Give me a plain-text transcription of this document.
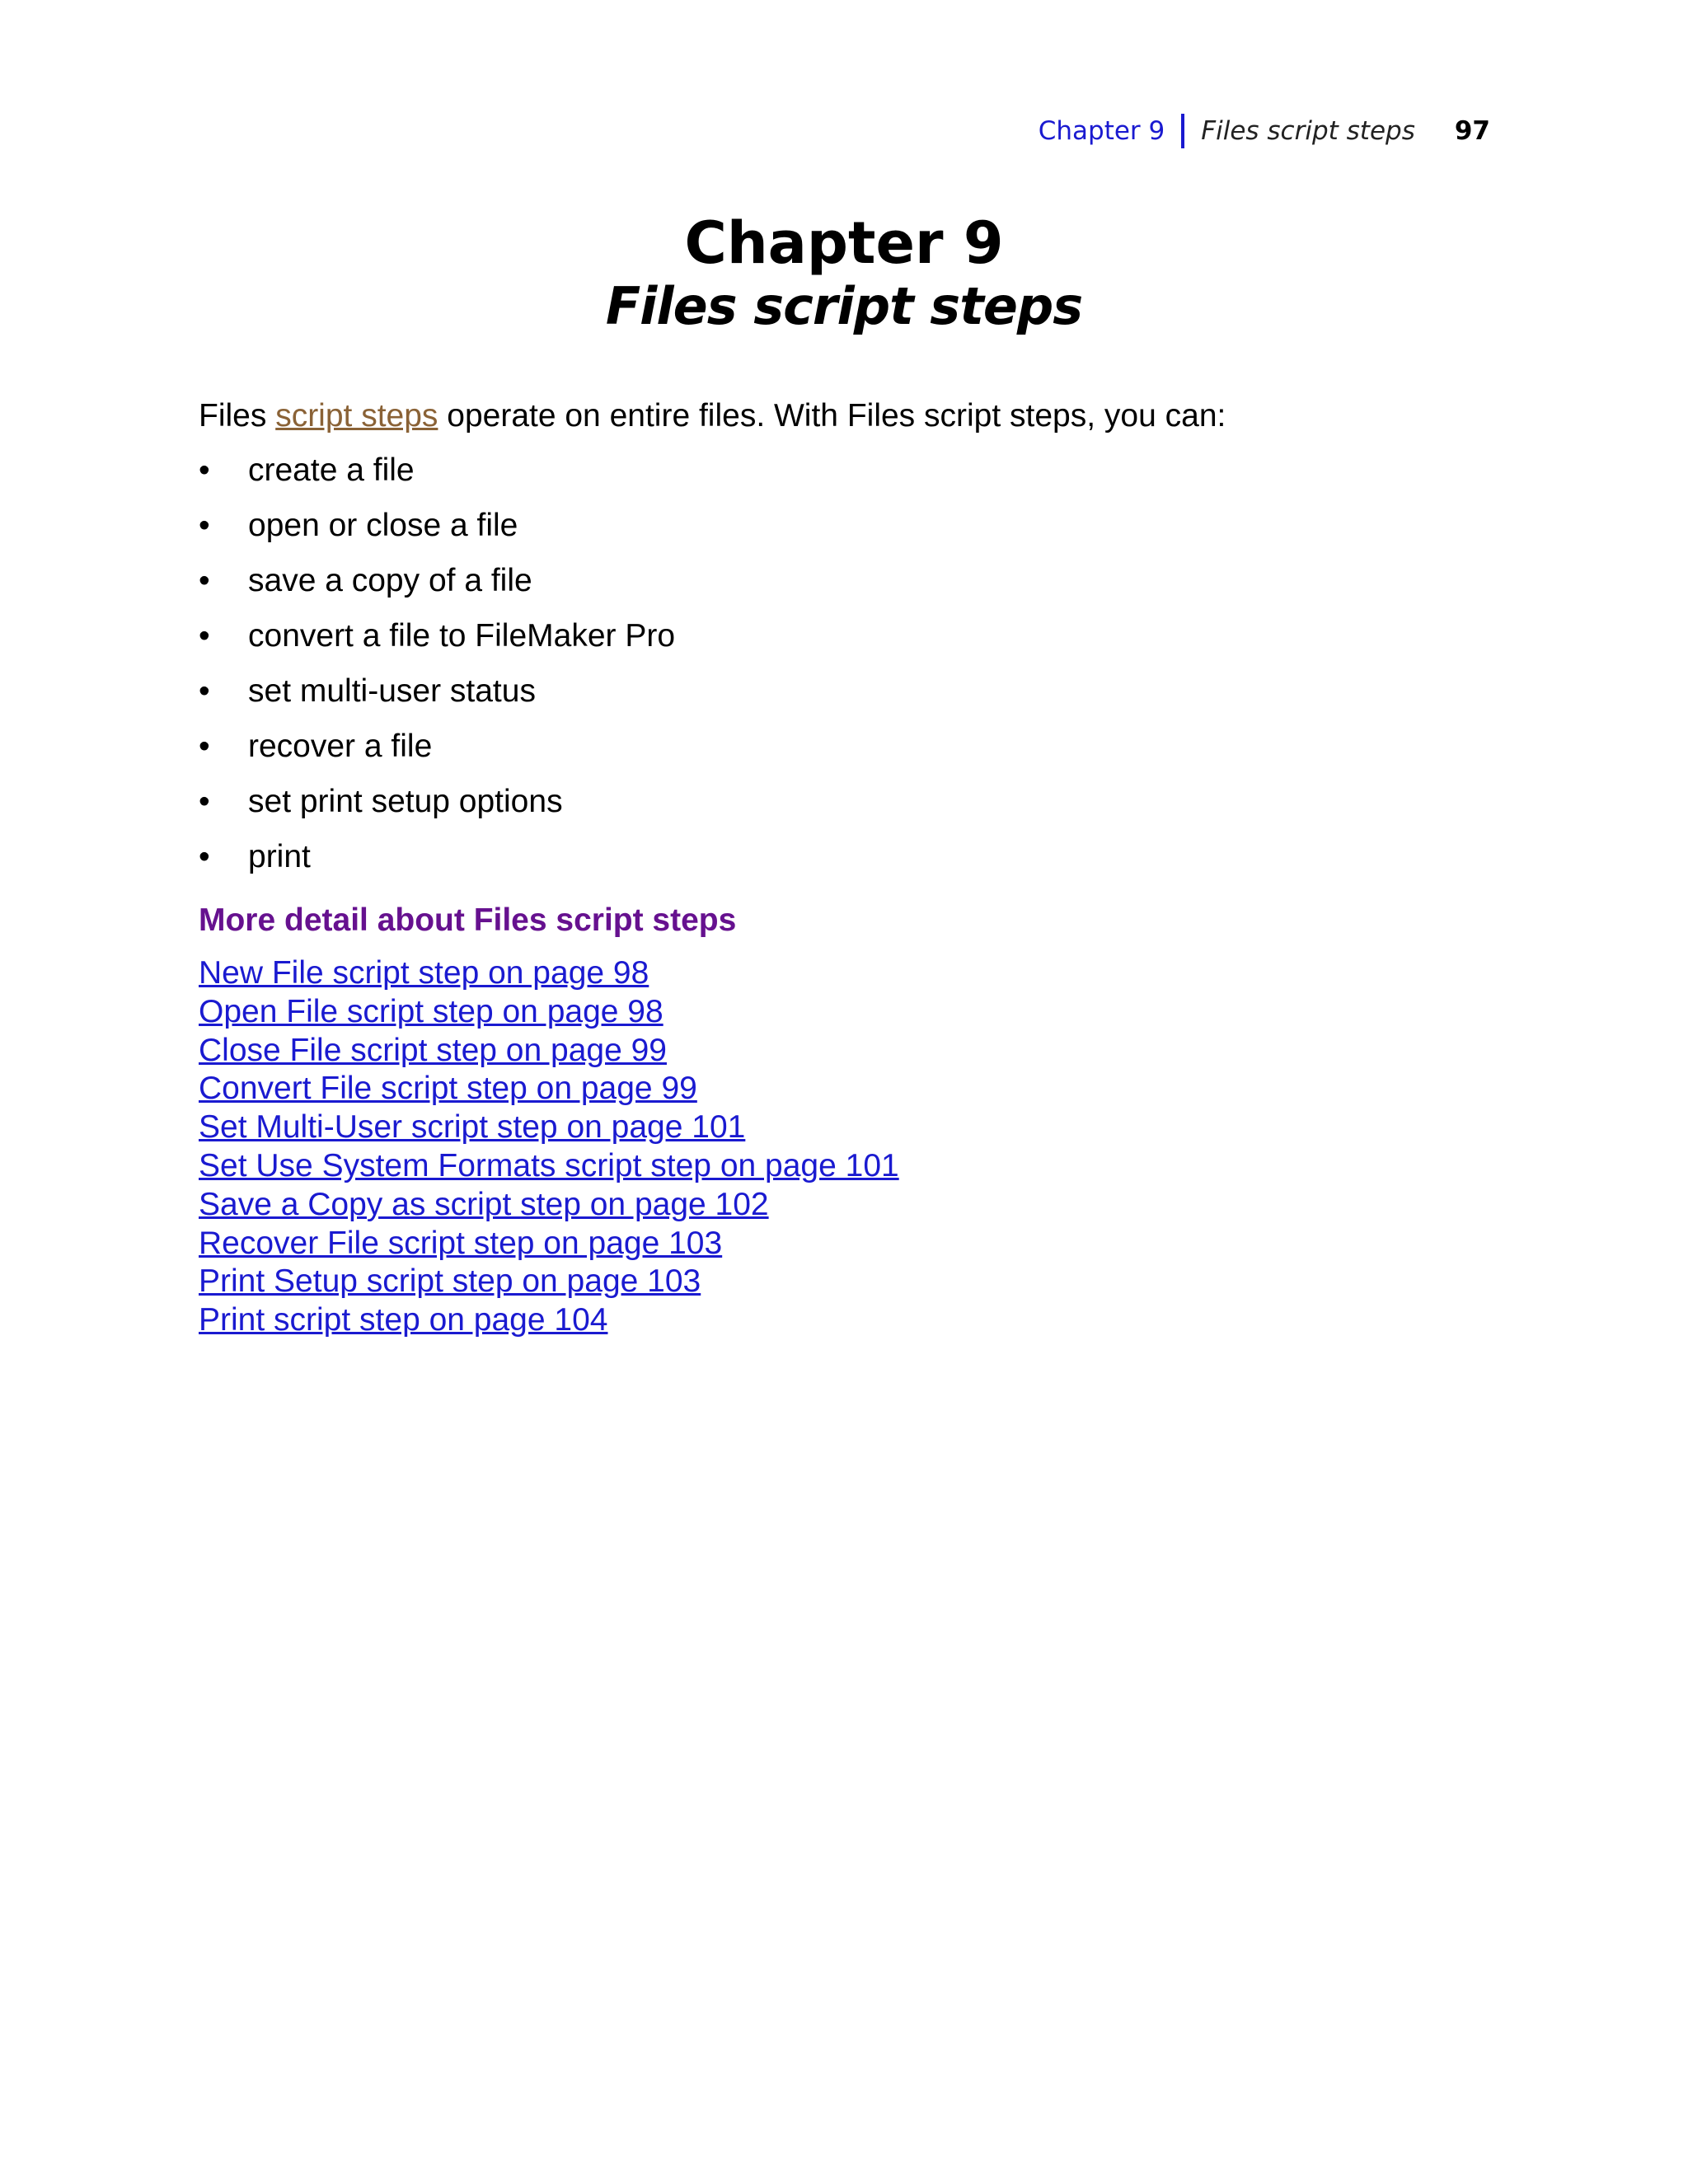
Chapter 9 Files script steps 97
Chapter 9
Files script steps

Files script steps operate on entire files. With Files script steps, you can:

• create a file
• open or close a file
• save a copy of a file
• convert a file to FileMaker Pro
• set multi-user status
• recover a file
• set print setup options
• print
More detail about Files script steps
New File script step on page 98
Open File script step on page 98
Close File script step on page 99
Convert File script step on page 99
Set Multi-User script step on page 101
Set Use System Formats script step on page 101
Save a Copy as script step on page 102
Recover File script step on page 103
Print Setup script step on page 103
Print script step on page 104
